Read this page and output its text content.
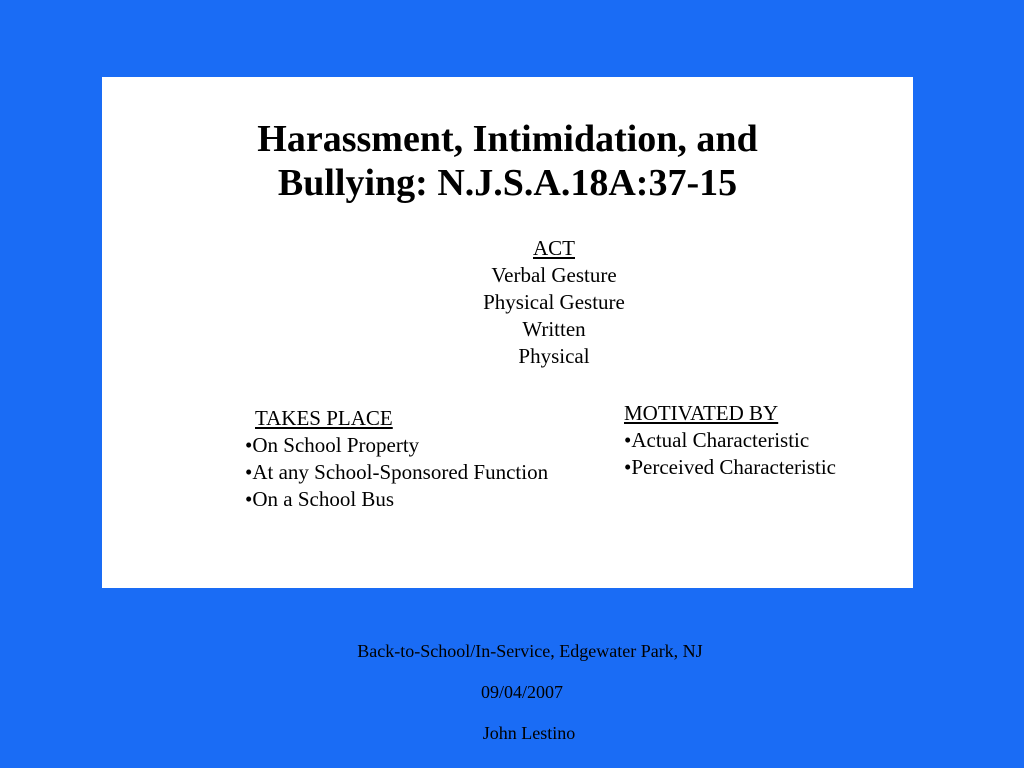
Harassment, Intimidation, and
Bullying: N.J.S.A.18A:37-15
ACT
Verbal Gesture
Physical Gesture
Written
Physical
TAKES PLACE
•On School Property
•At any School-Sponsored Function
•On a School Bus
MOTIVATED BY
•Actual Characteristic
•Perceived Characteristic
Back-to-School/In-Service, Edgewater Park, NJ
09/04/2007
John Lestino
